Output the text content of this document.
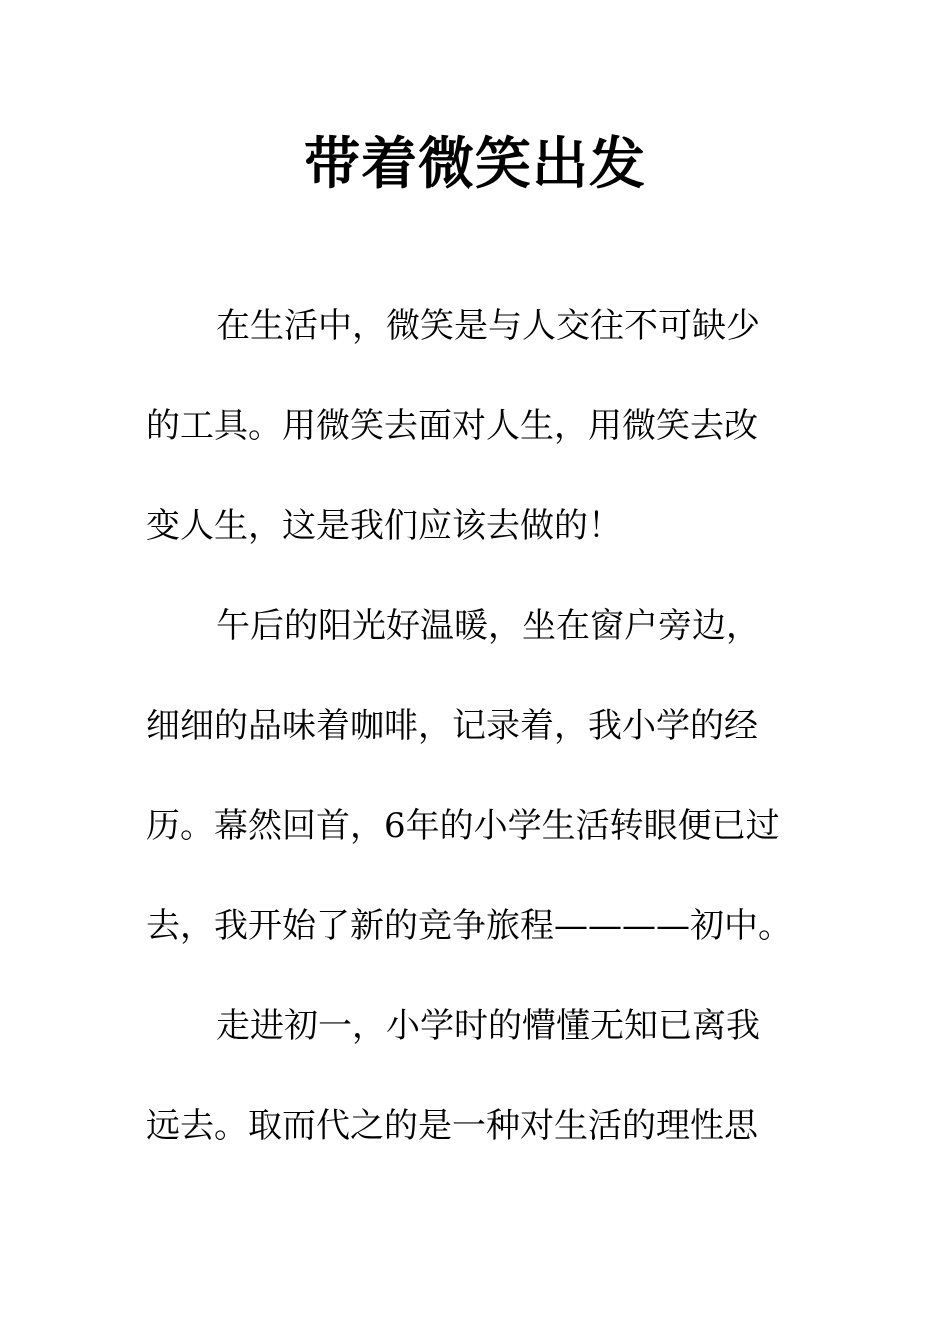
带着微笑出发

在生活中，微笑是与人交往不可缺少

的工具。用微笑去面对人生，用微笑去改

变人生，这是我们应该去做的！

午后的阳光好温暖，坐在窗户旁边，

细细的品味着咖啡，记录着，我小学的经

历。幕然回首，6年的小学生活转眼便已过

去，我开始了新的竞争旅程————初中。

走进初一，小学时的懵懂无知已离我

远去。取而代之的是一种对生活的理性思
